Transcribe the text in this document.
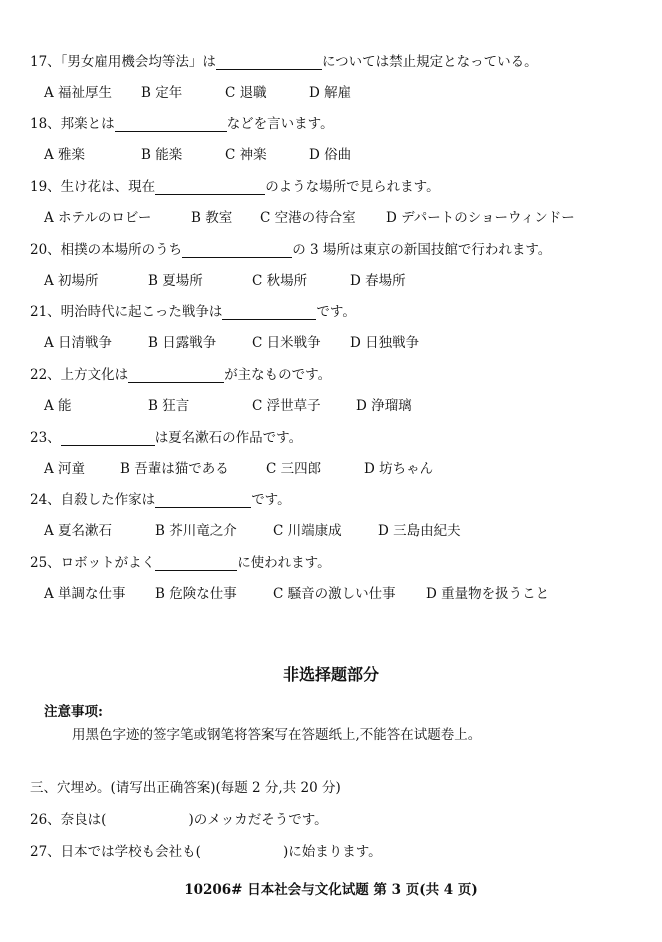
17、「男女雇用機会均等法」は	については禁止規定となっている。
A 福祉厚生 B 定年	C 退職	D 解雇
18、邦楽とは	などを言います。
A 雅楽	B 能楽	C 神楽	D 俗曲
19、生け花は、現在	のような場所で見られます。
A ホテルのロビー	B 教室 C 空港の待合室 D デパートのショーウィンドー
20、相撲の本場所のうち	の 3 場所は東京の新国技館で行われます。
A 初場所	B 夏場所	C 秋場所	D 春場所
21、明治時代に起こった戦争は	です。
A 日清戦争	B 日露戦争	C 日米戦争 D 日独戦争
22、上方文化は	が主なものです。
A 能	B 狂言	C 浮世草子	D 浄瑠璃
23、	は夏名漱石の作品です。
A 河童	B 吾輩は猫である	C 三四郎	D 坊ちゃん
24、自殺した作家は	です。
A 夏名漱石	B 芥川竜之介	C 川端康成	D 三島由紀夫
25、ロボットがよく	に使われます。
A 単調な仕事 B 危険な仕事	C 騒音の激しい仕事 D 重量物を扱うこと
非选择题部分
注意事项:
用黑色字迹的签字笔或钢笔将答案写在答题纸上,不能答在试题卷上。
三、穴埋め。(请写出正确答案)(每题 2 分,共 20 分)
26、奈良は(	)のメッカだそうです。
27、日本では学校も会社も(	)に始まります。
10206# 日本社会与文化试题 第 3 页(共 4 页)
